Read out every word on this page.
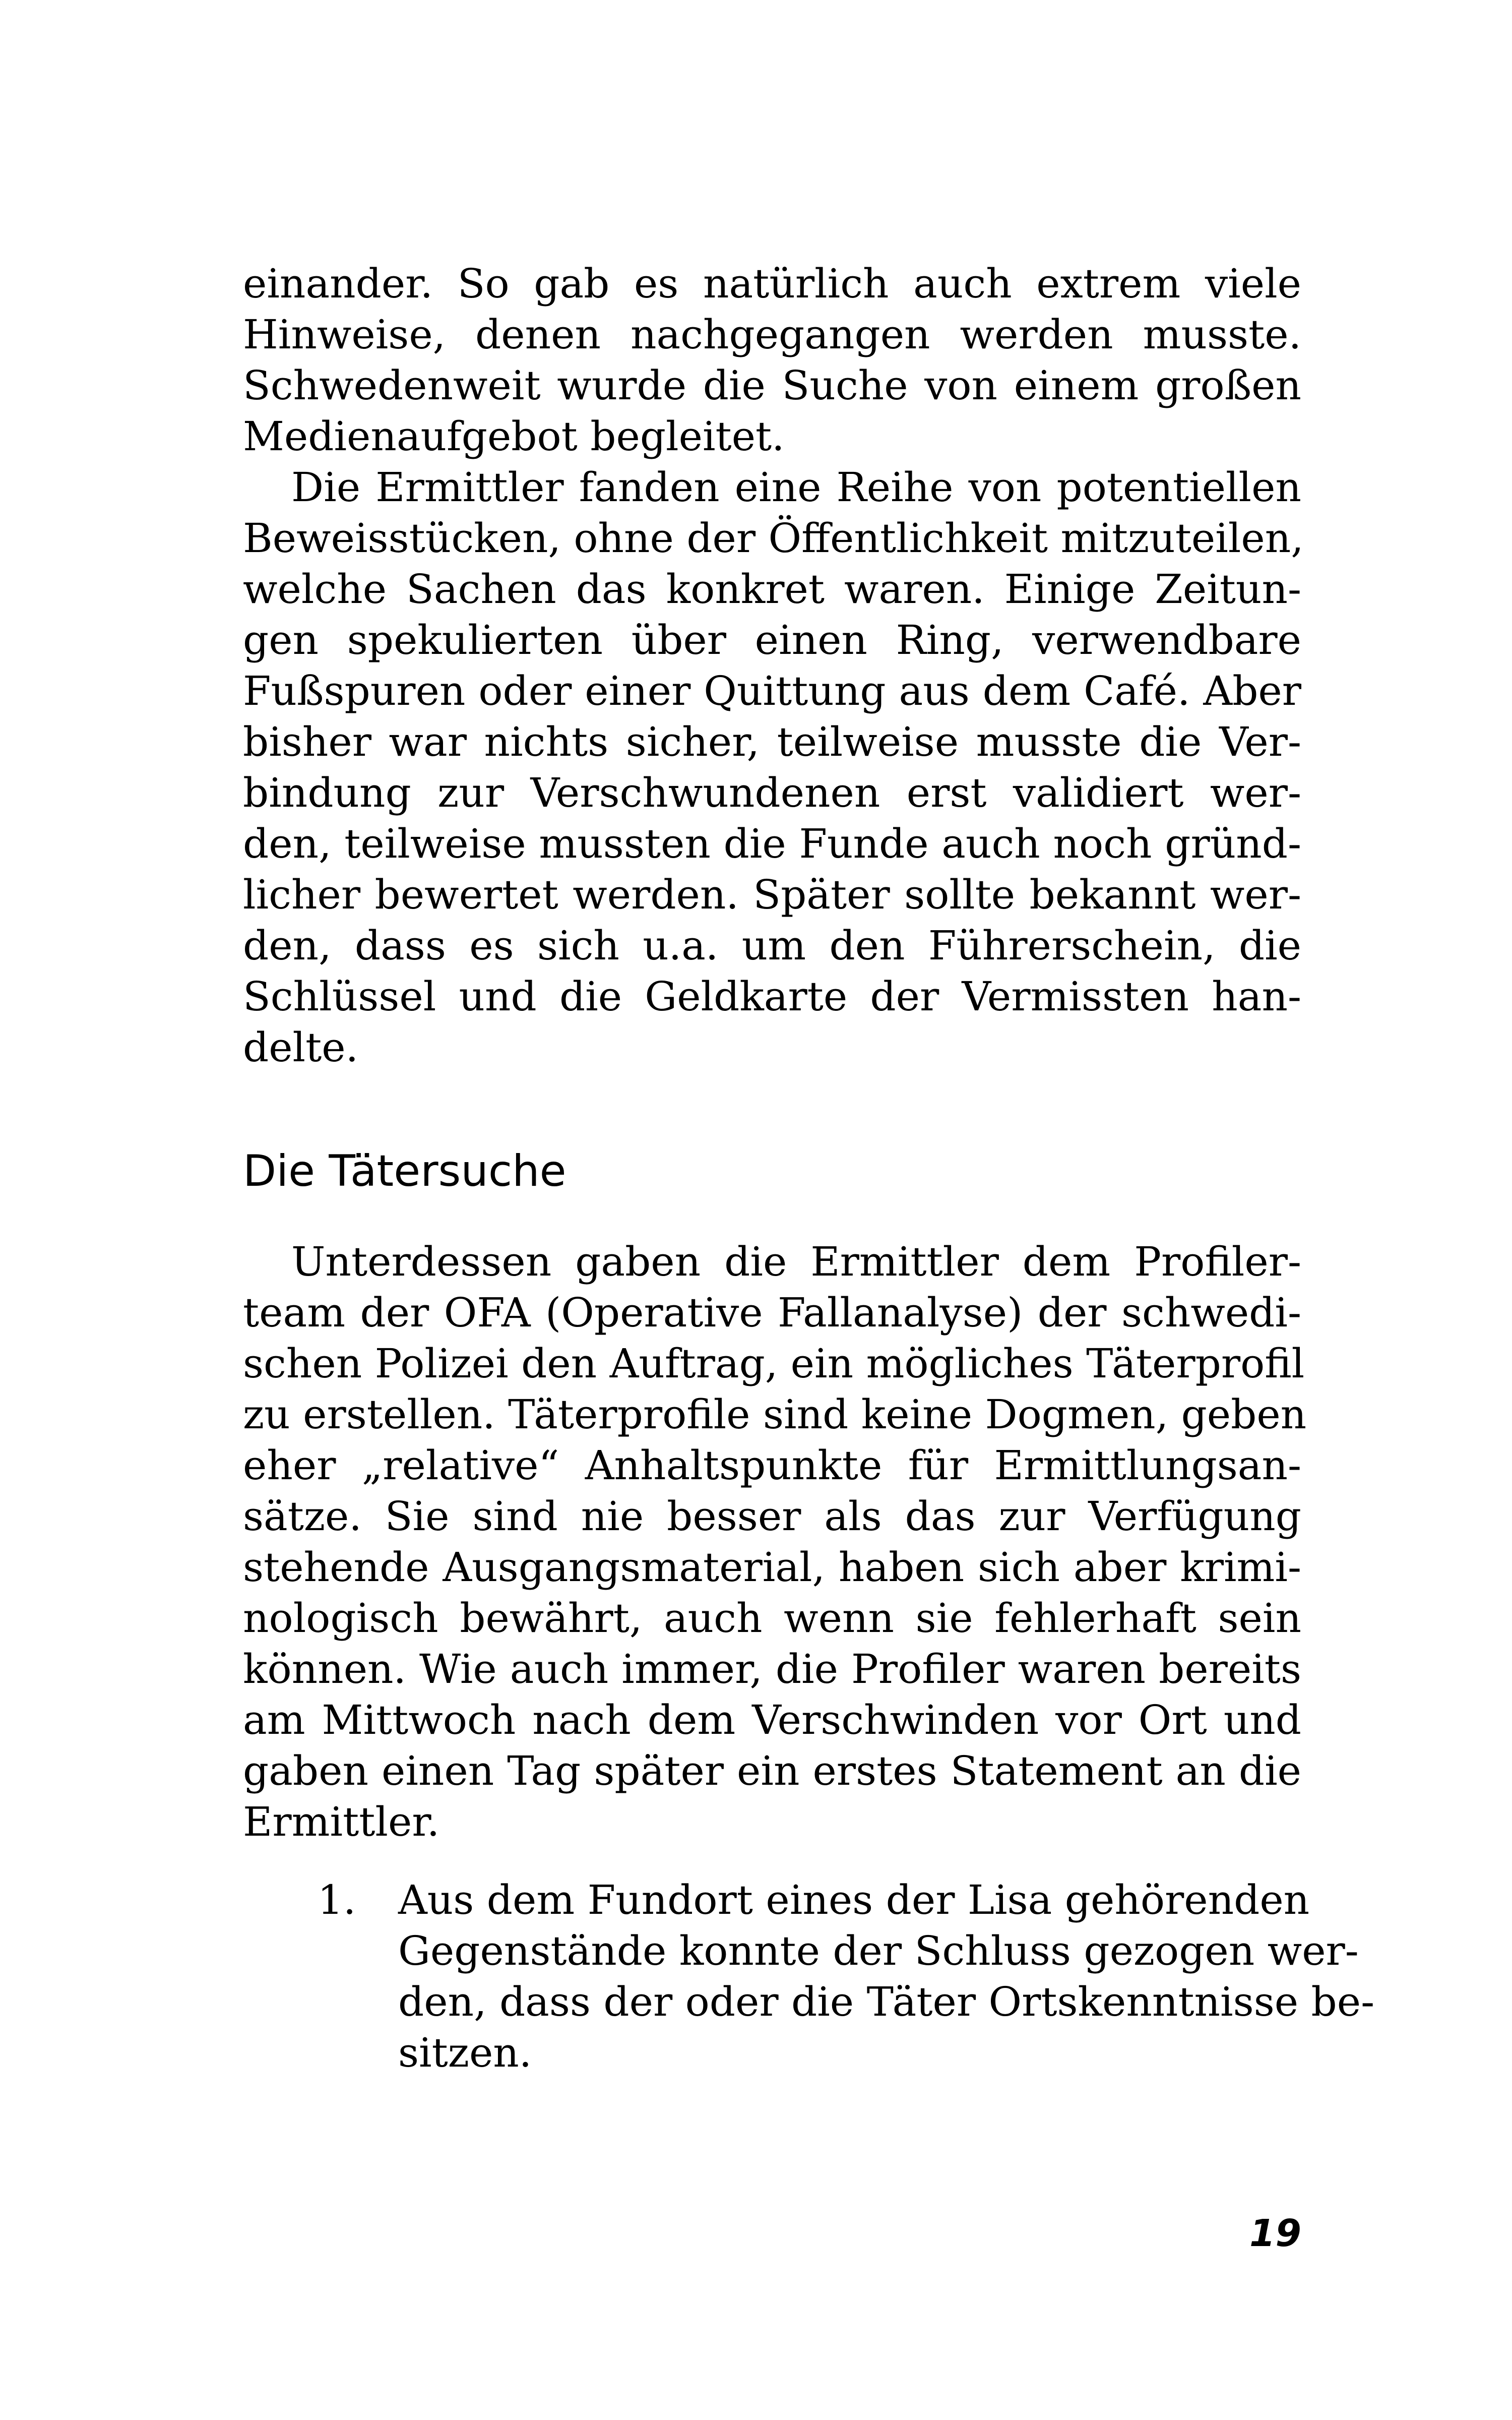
einander. So gab es natürlich auch extrem viele
Hinweise, denen nachgegangen werden musste.
Schwedenweit wurde die Suche von einem großen
Medienaufgebot begleitet.
Die Ermittler fanden eine Reihe von potentiellen
Beweisstücken, ohne der Öffentlichkeit mitzuteilen,
welche Sachen das konkret waren. Einige Zeitun-
gen spekulierten über einen Ring, verwendbare
Fußspuren oder einer Quittung aus dem Café. Aber
bisher war nichts sicher, teilweise musste die Ver-
bindung zur Verschwundenen erst validiert wer-
den, teilweise mussten die Funde auch noch gründ-
licher bewertet werden. Später sollte bekannt wer-
den, dass es sich u.a. um den Führerschein, die
Schlüssel und die Geldkarte der Vermissten han-
delte.
Die Tätersuche
Unterdessen gaben die Ermittler dem Profiler-
team der OFA (Operative Fallanalyse) der schwedi-
schen Polizei den Auftrag, ein mögliches Täterprofil
zu erstellen. Täterprofile sind keine Dogmen, geben
eher „relative“ Anhaltspunkte für Ermittlungsan-
sätze. Sie sind nie besser als das zur Verfügung
stehende Ausgangsmaterial, haben sich aber krimi-
nologisch bewährt, auch wenn sie fehlerhaft sein
können. Wie auch immer, die Profiler waren bereits
am Mittwoch nach dem Verschwinden vor Ort und
gaben einen Tag später ein erstes Statement an die
Ermittler.
1. Aus dem Fundort eines der Lisa gehörenden
Gegenstände konnte der Schluss gezogen wer-
den, dass der oder die Täter Ortskenntnisse be-
sitzen.
19
